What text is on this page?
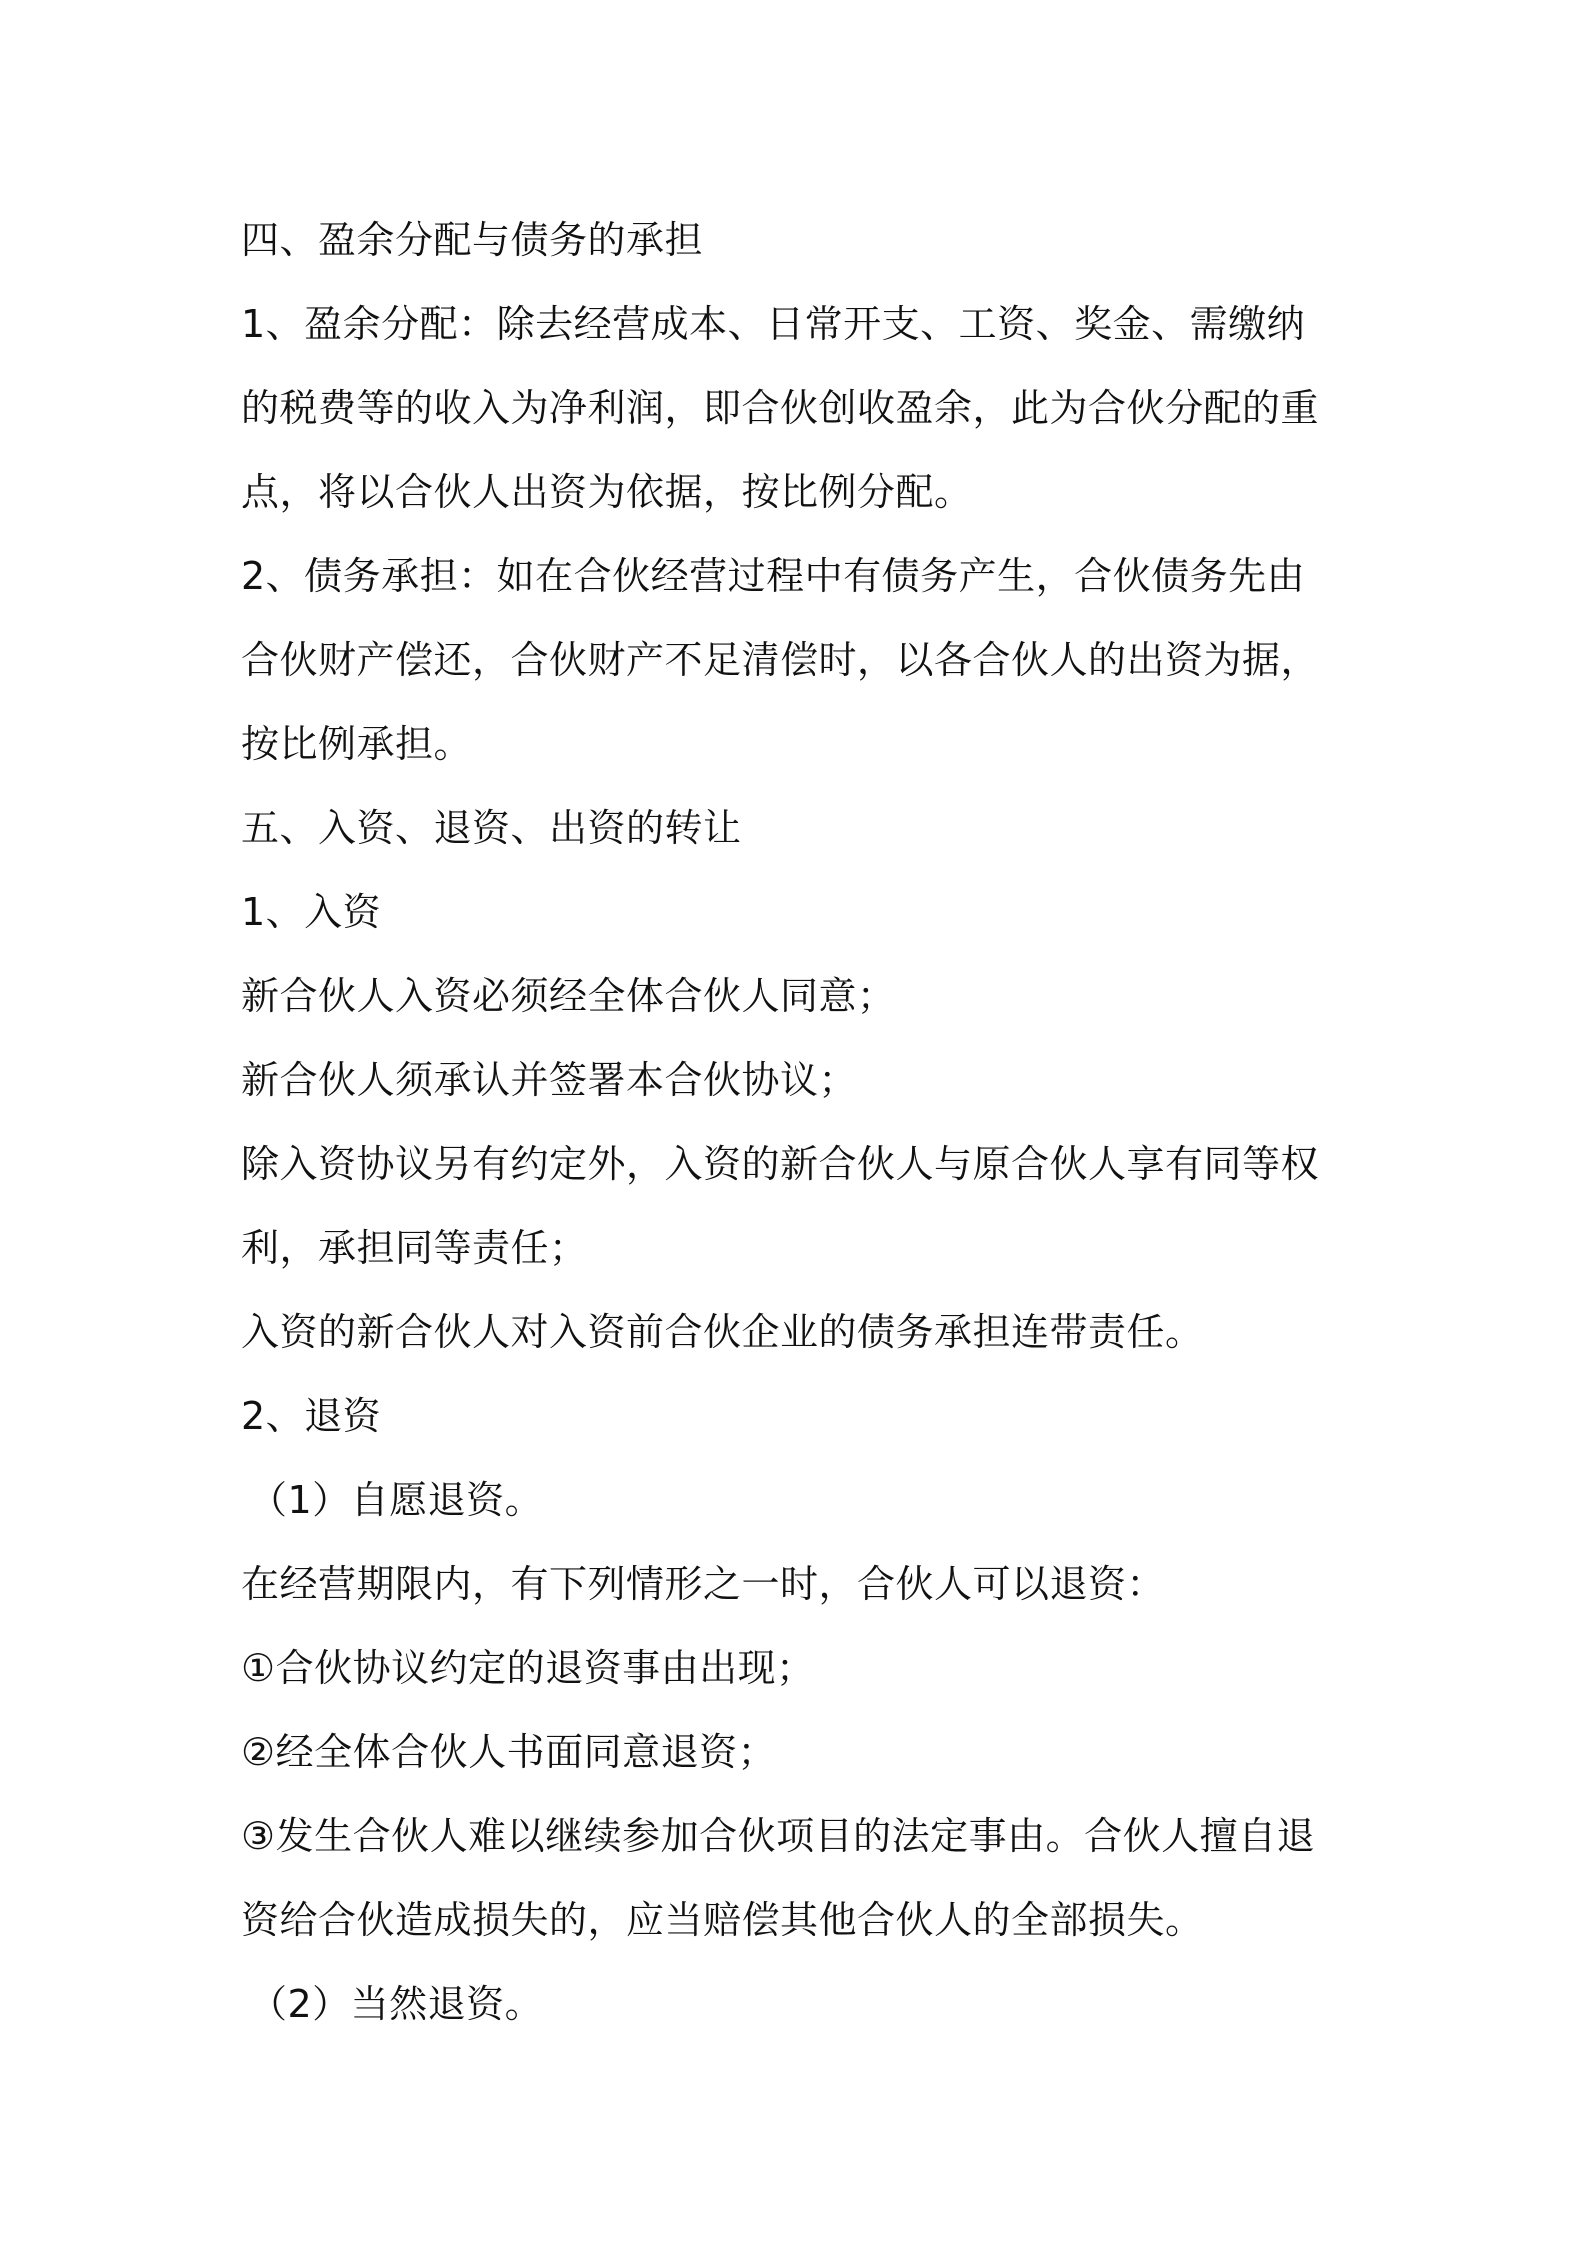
四、盈余分配与债务的承担

1、盈余分配：除去经营成本、日常开支、工资、奖金、需缴纳

的税费等的收入为净利润，即合伙创收盈余，此为合伙分配的重

点，将以合伙人出资为依据，按比例分配。

2、债务承担：如在合伙经营过程中有债务产生，合伙债务先由

合伙财产偿还，合伙财产不足清偿时，以各合伙人的出资为据，

按比例承担。

五、入资、退资、出资的转让

1、入资

新合伙人入资必须经全体合伙人同意；

新合伙人须承认并签署本合伙协议；

除入资协议另有约定外，入资的新合伙人与原合伙人享有同等权

利，承担同等责任；

入资的新合伙人对入资前合伙企业的债务承担连带责任。

2、退资

（1）自愿退资。

在经营期限内，有下列情形之一时，合伙人可以退资：

①合伙协议约定的退资事由出现；

②经全体合伙人书面同意退资；

③发生合伙人难以继续参加合伙项目的法定事由。合伙人擅自退

资给合伙造成损失的，应当赔偿其他合伙人的全部损失。

（2）当然退资。
